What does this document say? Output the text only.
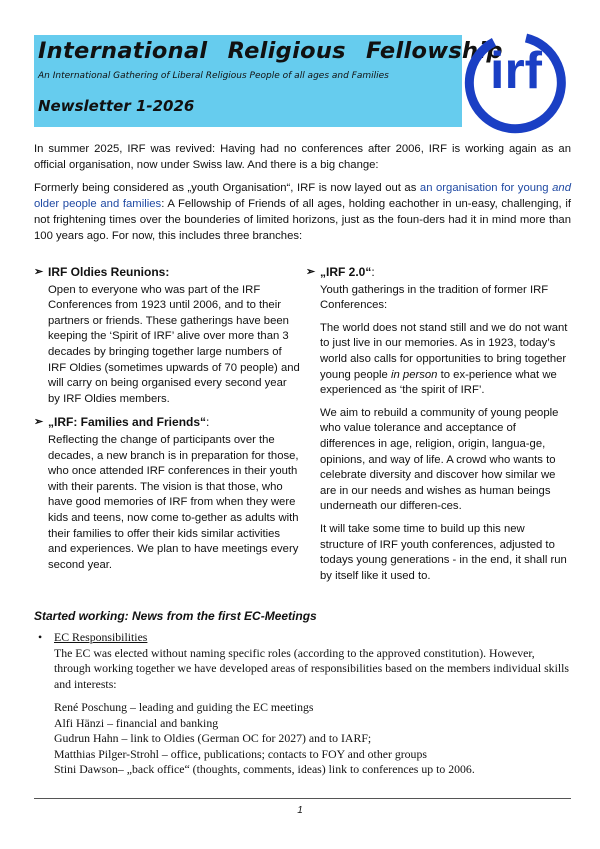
International Religious Fellowship
An International Gathering of Liberal Religious People of all ages and Families
Newsletter 1-2026
irf

In summer 2025, IRF was revived: Having had no conferences after 2006, IRF is working again as an official organisation, now under Swiss law. And there is a big change:

Formerly being considered as „youth Organisation“, IRF is now layed out as an organisation for young and older people and families: A Fellowship of Friends of all ages, holding eachother in un-easy, challenging, if not frightening times over the bounderies of limited horizons, just as the foun-ders had it in mind more than 100 years ago. For now, this includes three branches:

➢ IRF Oldies Reunions:

Open to everyone who was part of the IRF Conferences from 1923 until 2006, and to their partners or friends. These gatherings have been keeping the ‘Spirit of IRF’ alive over more than 3 decades by bringing together large numbers of IRF Oldies (sometimes upwards of 70 people) and will carry on being organised every second year by IRF Oldies members.

➢ „IRF: Families and Friends“:

Reflecting the change of participants over the decades, a new branch is in preparation for those, who once attended IRF conferences in their youth with their parents. The vision is that those, who have good memories of IRF from when they were kids and teens, now come to-gether as adults with their families to offer their kids similar activities and experiences. We plan to have meetings every second year.

➢ „IRF 2.0“:

Youth gatherings in the tradition of former IRF Conferences:

The world does not stand still and we do not want to just live in our memories. As in 1923, today’s world also calls for opportunities to bring together young people in person to ex-perience what we experienced as ‘the spirit of IRF’.

We aim to rebuild a community of young people who value tolerance and acceptance of differences in age, religion, origin, langua-ge, opinions, and way of life. A crowd who wants to celebrate diversity and discover how similar we are in our needs and wishes as human beings underneath our differen-ces.

It will take some time to build up this new structure of IRF youth conferences, adjusted to todays young generations - in the end, it shall run by itself like it used to.

Started working: News from the first EC-Meetings
• EC Responsibilities
The EC was elected without naming specific roles (according to the approved constitution). However, through working together we have developed areas of responsibilities based on the members individual skills and interests:
René Poschung – leading and guiding the EC meetings
Alfi Hänzi – financial and banking
Gudrun Hahn – link to Oldies (German OC for 2027) and to IARF;
Matthias Pilger-Strohl – office, publications; contacts to FOY and other groups
Stini Dawson– „back office“ (thoughts, comments, ideas) link to conferences up to 2006.
1
